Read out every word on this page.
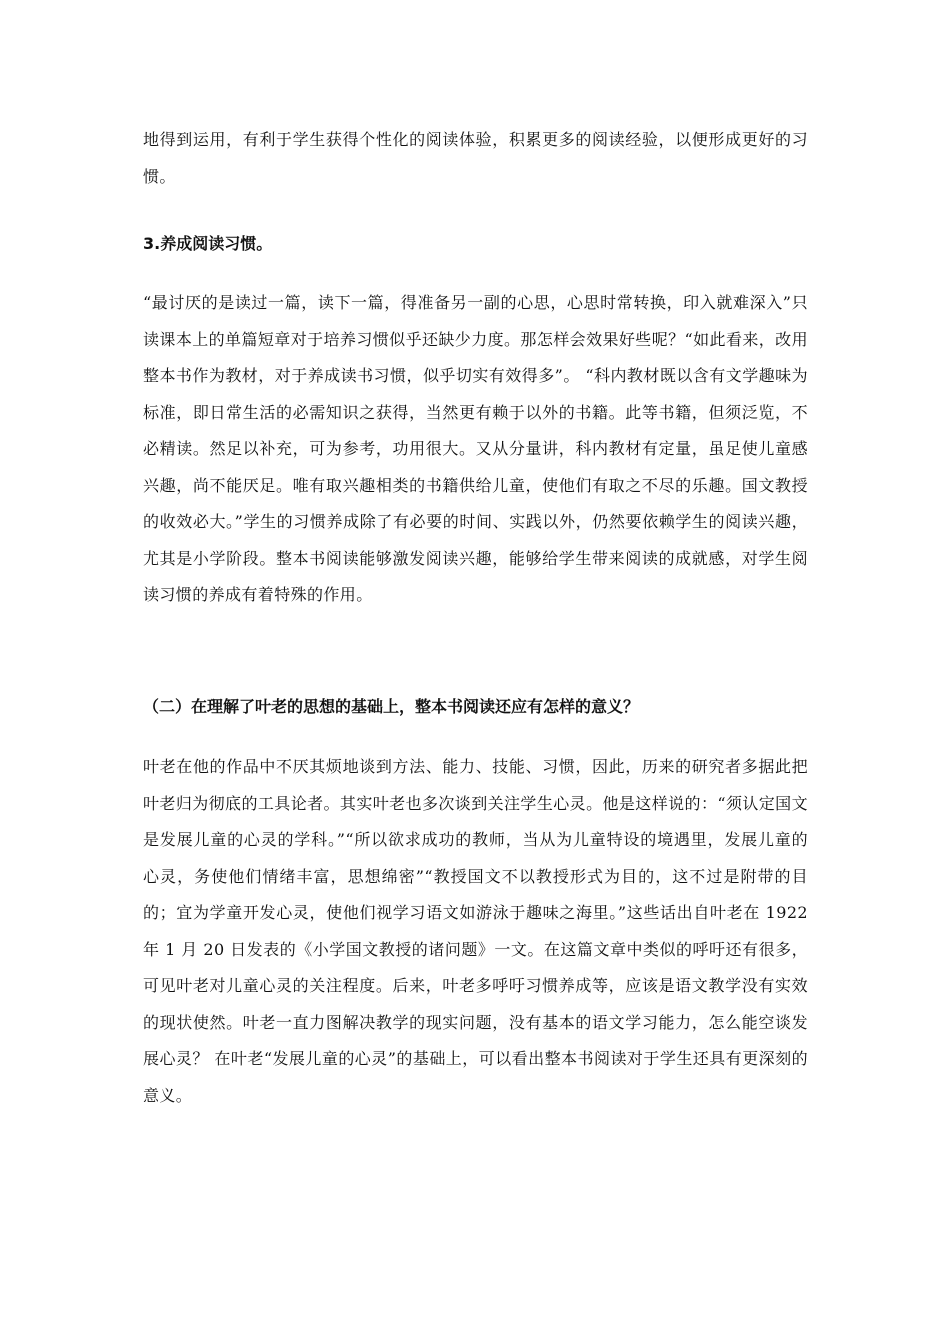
地得到运用，有利于学生获得个性化的阅读体验，积累更多的阅读经验，以便形成更好的习惯。

3.养成阅读习惯。

“最讨厌的是读过一篇，读下一篇，得准备另一副的心思，心思时常转换，印入就难深入”只读课本上的单篇短章对于培养习惯似乎还缺少力度。那怎样会效果好些呢？“如此看来，改用整本书作为教材，对于养成读书习惯，似乎切实有效得多”。 “科内教材既以含有文学趣味为标准，即日常生活的必需知识之获得，当然更有赖于以外的书籍。此等书籍，但须泛览，不必精读。然足以补充，可为参考，功用很大。又从分量讲，科内教材有定量，虽足使儿童感兴趣，尚不能厌足。唯有取兴趣相类的书籍供给儿童，使他们有取之不尽的乐趣。国文教授的收效必大。”学生的习惯养成除了有必要的时间、实践以外，仍然要依赖学生的阅读兴趣，尤其是小学阶段。整本书阅读能够激发阅读兴趣，能够给学生带来阅读的成就感，对学生阅读习惯的养成有着特殊的作用。

（二）在理解了叶老的思想的基础上，整本书阅读还应有怎样的意义？

叶老在他的作品中不厌其烦地谈到方法、能力、技能、习惯，因此，历来的研究者多据此把叶老归为彻底的工具论者。其实叶老也多次谈到关注学生心灵。他是这样说的：“须认定国文是发展儿童的心灵的学科。”“所以欲求成功的教师，当从为儿童特设的境遇里，发展儿童的心灵，务使他们情绪丰富，思想绵密”“教授国文不以教授形式为目的，这不过是附带的目的；宜为学童开发心灵，使他们视学习语文如游泳于趣味之海里。”这些话出自叶老在 1922 年 1 月 20 日发表的《小学国文教授的诸问题》一文。在这篇文章中类似的呼吁还有很多，可见叶老对儿童心灵的关注程度。后来，叶老多呼吁习惯养成等，应该是语文教学没有实效的现状使然。叶老一直力图解决教学的现实问题，没有基本的语文学习能力，怎么能空谈发展心灵？ 在叶老“发展儿童的心灵”的基础上，可以看出整本书阅读对于学生还具有更深刻的意义。
